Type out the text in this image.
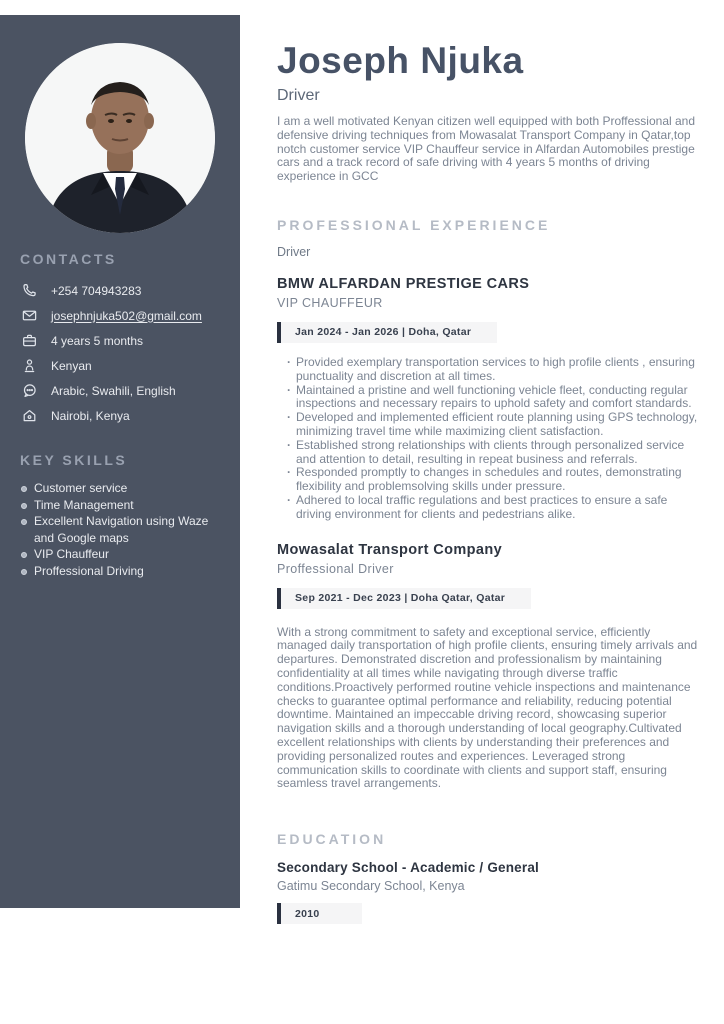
CONTACTS
+254 704943283
josephnjuka502@gmail.com
4 years 5 months
Kenyan
Arabic, Swahili, English
Nairobi, Kenya
KEY SKILLS
Customer service
Time Management
Excellent Navigation using Waze and Google maps
VIP Chauffeur
Proffessional Driving
Joseph Njuka
Driver

I am a well motivated Kenyan citizen well equipped with both Proffessional and defensive driving techniques from Mowasalat Transport Company in Qatar,top notch customer service VIP Chauffeur service in Alfardan Automobiles prestige cars and a track record of safe driving with 4 years 5 months of driving experience in GCC

PROFESSIONAL EXPERIENCE
Driver
BMW ALFARDAN PRESTIGE CARS
VIP CHAUFFEUR
Jan 2024 - Jan 2026 | Doha, Qatar
· Provided exemplary transportation services to high profile clients , ensuring punctuality and discretion at all times.
· Maintained a pristine and well functioning vehicle fleet, conducting regular inspections and necessary repairs to uphold safety and comfort standards.
· Developed and implemented efficient route planning using GPS technology, minimizing travel time while maximizing client satisfaction.
· Established strong relationships with clients through personalized service and attention to detail, resulting in repeat business and referrals.
· Responded promptly to changes in schedules and routes, demonstrating flexibility and problemsolving skills under pressure.
· Adhered to local traffic regulations and best practices to ensure a safe driving environment for clients and pedestrians alike.
Mowasalat Transport Company
Proffessional Driver
Sep 2021 - Dec 2023 | Doha Qatar, Qatar

With a strong commitment to safety and exceptional service, efficiently managed daily transportation of high profile clients, ensuring timely arrivals and departures. Demonstrated discretion and professionalism by maintaining confidentiality at all times while navigating through diverse traffic conditions.Proactively performed routine vehicle inspections and maintenance checks to guarantee optimal performance and reliability, reducing potential downtime. Maintained an impeccable driving record, showcasing superior navigation skills and a thorough understanding of local geography.Cultivated excellent relationships with clients by understanding their preferences and providing personalized routes and experiences. Leveraged strong communication skills to coordinate with clients and support staff, ensuring seamless travel arrangements.

EDUCATION
Secondary School - Academic / General
Gatimu Secondary School, Kenya
2010
